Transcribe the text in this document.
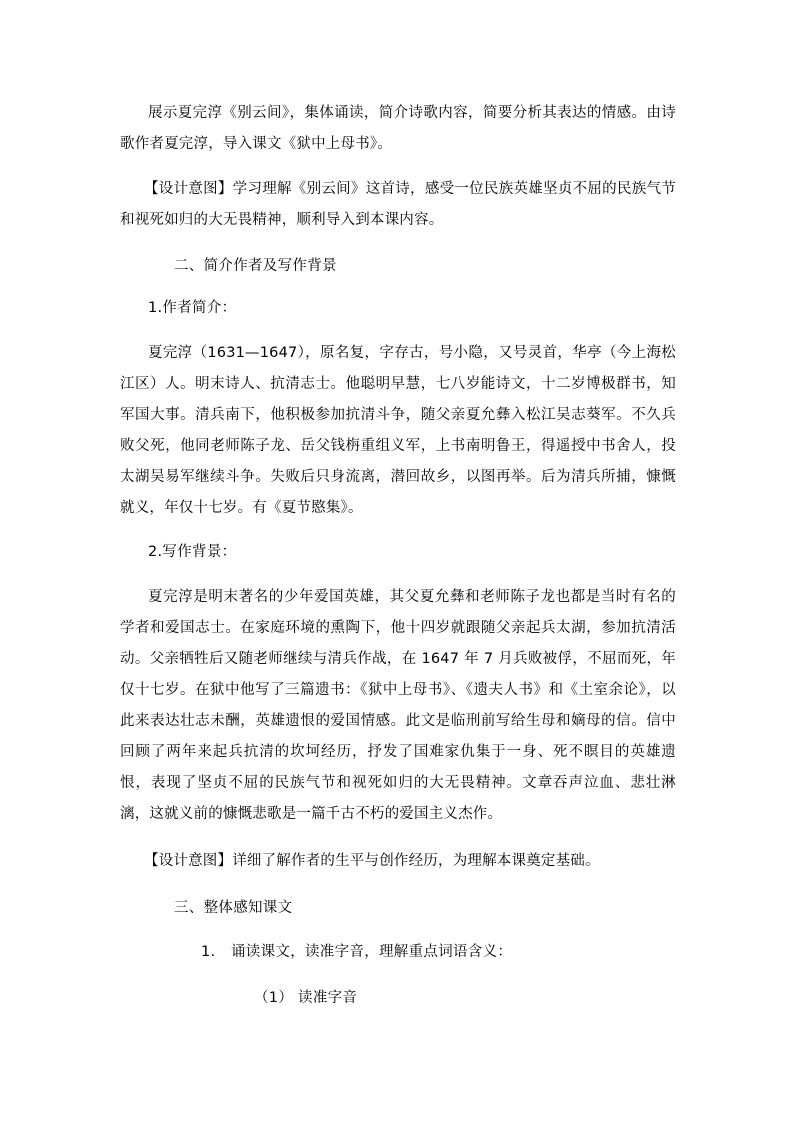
展示夏完淳《别云间》，集体诵读，简介诗歌内容，简要分析其表达的情感。由诗歌作者夏完淳，导入课文《狱中上母书》。

【设计意图】学习理解《别云间》这首诗，感受一位民族英雄坚贞不屈的民族气节和视死如归的大无畏精神，顺利导入到本课内容。

二、简介作者及写作背景

1.作者简介：

夏完淳（1631—1647），原名复，字存古，号小隐，又号灵首，华亭（今上海松江区）人。明末诗人、抗清志士。他聪明早慧，七八岁能诗文，十二岁博极群书，知军国大事。清兵南下，他积极参加抗清斗争，随父亲夏允彝入松江吴志葵军。不久兵败父死，他同老师陈子龙、岳父钱栴重组义军，上书南明鲁王，得遥授中书舍人，投太湖吴易军继续斗争。失败后只身流离，潜回故乡，以图再举。后为清兵所捕，慷慨就义，年仅十七岁。有《夏节愍集》。

2.写作背景：

夏完淳是明末著名的少年爱国英雄，其父夏允彝和老师陈子龙也都是当时有名的学者和爱国志士。在家庭环境的熏陶下，他十四岁就跟随父亲起兵太湖，参加抗清活动。父亲牺牲后又随老师继续与清兵作战，在 1647 年 7 月兵败被俘，不屈而死，年仅十七岁。在狱中他写了三篇遗书：《狱中上母书》、《遗夫人书》和《土室余论》，以此来表达壮志未酬，英雄遗恨的爱国情感。此文是临刑前写给生母和嫡母的信。信中回顾了两年来起兵抗清的坎坷经历，抒发了国难家仇集于一身、死不瞑目的英雄遗恨，表现了坚贞不屈的民族气节和视死如归的大无畏精神。文章吞声泣血、悲壮淋漓，这就义前的慷慨悲歌是一篇千古不朽的爱国主义杰作。

【设计意图】详细了解作者的生平与创作经历，为理解本课奠定基础。

三、整体感知课文

1. 诵读课文，读准字音，理解重点词语含义：

（1） 读准字音
